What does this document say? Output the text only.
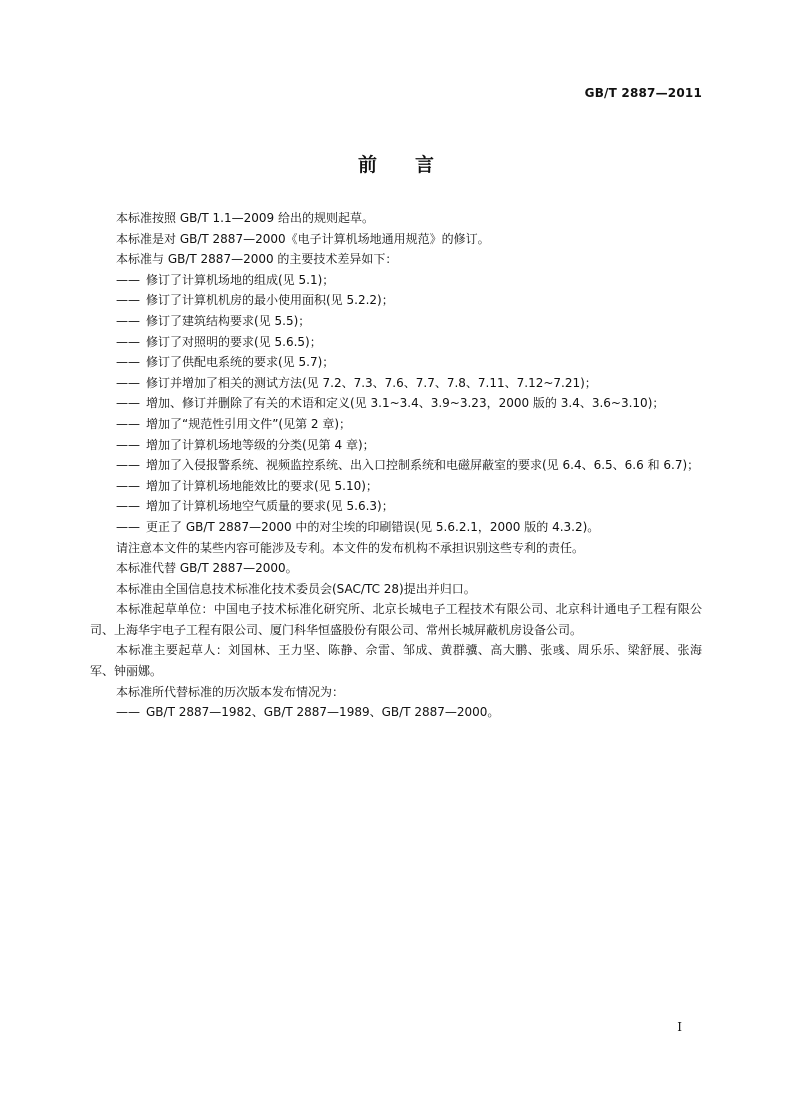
GB/T 2887—2011
前言

本标准按照 GB/T 1.1—2009 给出的规则起草。

本标准是对 GB/T 2887—2000《电子计算机场地通用规范》的修订。

本标准与 GB/T 2887—2000 的主要技术差异如下：

—— 修订了计算机场地的组成(见 5.1)；

—— 修订了计算机机房的最小使用面积(见 5.2.2)；

—— 修订了建筑结构要求(见 5.5)；

—— 修订了对照明的要求(见 5.6.5)；

—— 修订了供配电系统的要求(见 5.7)；

—— 修订并增加了相关的测试方法(见 7.2、7.3、7.6、7.7、7.8、7.11、7.12~7.21)；

—— 增加、修订并删除了有关的术语和定义(见 3.1~3.4、3.9~3.23，2000 版的 3.4、3.6~3.10)；

—— 增加了“规范性引用文件”(见第 2 章)；

—— 增加了计算机场地等级的分类(见第 4 章)；

—— 增加了入侵报警系统、视频监控系统、出入口控制系统和电磁屏蔽室的要求(见 6.4、6.5、6.6 和 6.7)；

—— 增加了计算机场地能效比的要求(见 5.10)；

—— 增加了计算机场地空气质量的要求(见 5.6.3)；

—— 更正了 GB/T 2887—2000 中的对尘埃的印刷错误(见 5.6.2.1，2000 版的 4.3.2)。

请注意本文件的某些内容可能涉及专利。本文件的发布机构不承担识别这些专利的责任。

本标准代替 GB/T 2887—2000。

本标准由全国信息技术标准化技术委员会(SAC/TC 28)提出并归口。

本标准起草单位：中国电子技术标准化研究所、北京长城电子工程技术有限公司、北京科计通电子工程有限公司、上海华宇电子工程有限公司、厦门科华恒盛股份有限公司、常州长城屏蔽机房设备公司。

本标准主要起草人：刘国林、王力坚、陈静、佘雷、邹成、黄群骥、高大鹏、张彧、周乐乐、梁舒展、张海军、钟丽娜。

本标准所代替标准的历次版本发布情况为：

—— GB/T 2887—1982、GB/T 2887—1989、GB/T 2887—2000。

I
